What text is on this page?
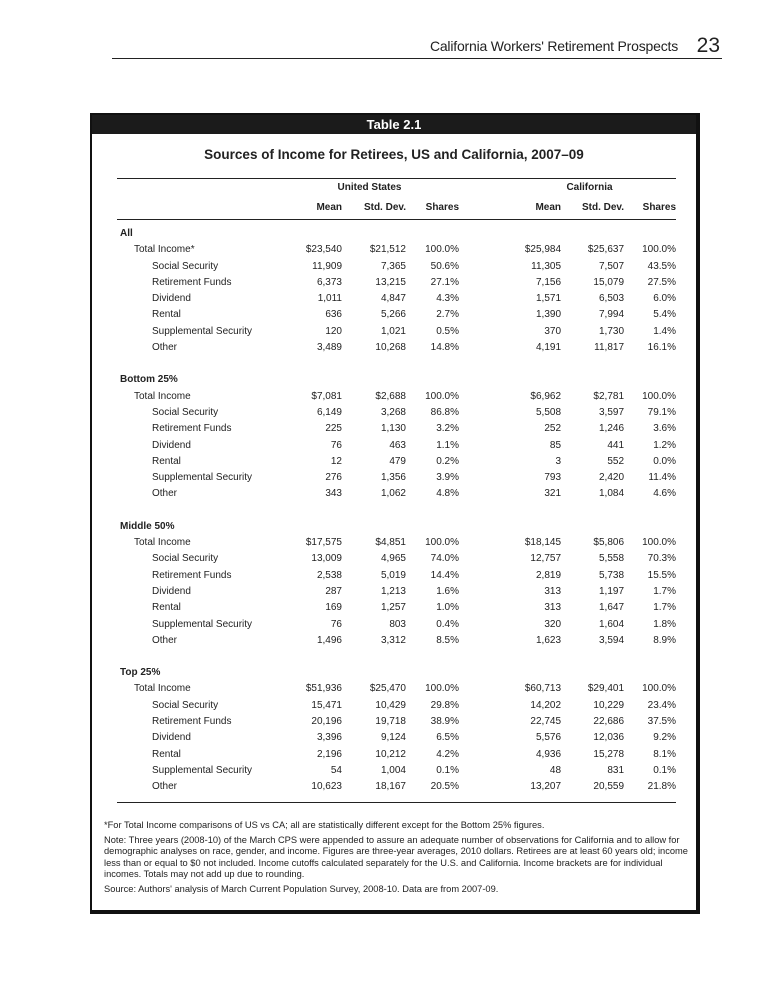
California Workers' Retirement Prospects 23
Table 2.1
Sources of Income for Retirees, US and California, 2007–09
	United States				California		
	Mean	Std. Dev.	Shares		Mean	Std. Dev.	Shares

All							
Total Income*	$23,540	$21,512	100.0%		$25,984	$25,637	100.0%
Social Security	11,909	7,365	50.6%		11,305	7,507	43.5%
Retirement Funds	6,373	13,215	27.1%		7,156	15,079	27.5%
Dividend	1,011	4,847	4.3%		1,571	6,503	6.0%
Rental	636	5,266	2.7%		1,390	7,994	5.4%
Supplemental Security	120	1,021	0.5%		370	1,730	1.4%
Other	3,489	10,268	14.8%		4,191	11,817	16.1%

Bottom 25%							
Total Income	$7,081	$2,688	100.0%		$6,962	$2,781	100.0%
Social Security	6,149	3,268	86.8%		5,508	3,597	79.1%
Retirement Funds	225	1,130	3.2%		252	1,246	3.6%
Dividend	76	463	1.1%		85	441	1.2%
Rental	12	479	0.2%		3	552	0.0%
Supplemental Security	276	1,356	3.9%		793	2,420	11.4%
Other	343	1,062	4.8%		321	1,084	4.6%

Middle 50%							
Total Income	$17,575	$4,851	100.0%		$18,145	$5,806	100.0%
Social Security	13,009	4,965	74.0%		12,757	5,558	70.3%
Retirement Funds	2,538	5,019	14.4%		2,819	5,738	15.5%
Dividend	287	1,213	1.6%		313	1,197	1.7%
Rental	169	1,257	1.0%		313	1,647	1.7%
Supplemental Security	76	803	0.4%		320	1,604	1.8%
Other	1,496	3,312	8.5%		1,623	3,594	8.9%

Top 25%							
Total Income	$51,936	$25,470	100.0%		$60,713	$29,401	100.0%
Social Security	15,471	10,429	29.8%		14,202	10,229	23.4%
Retirement Funds	20,196	19,718	38.9%		22,745	22,686	37.5%
Dividend	3,396	9,124	6.5%		5,576	12,036	9.2%
Rental	2,196	10,212	4.2%		4,936	15,278	8.1%
Supplemental Security	54	1,004	0.1%		48	831	0.1%
Other	10,623	18,167	20.5%		13,207	20,559	21.8%

*For Total Income comparisons of US vs CA; all are statistically different except for the Bottom 25% figures.

Note: Three years (2008-10) of the March CPS were appended to assure an adequate number of observations for California and to allow for demographic analyses on race, gender, and income. Figures are three-year averages, 2010 dollars. Retirees are at least 60 years old; income less than or equal to $0 not included. Income cutoffs calculated separately for the U.S. and California. Income brackets are for individual incomes. Totals may not add up due to rounding.

Source: Authors' analysis of March Current Population Survey, 2008-10. Data are from 2007-09.
